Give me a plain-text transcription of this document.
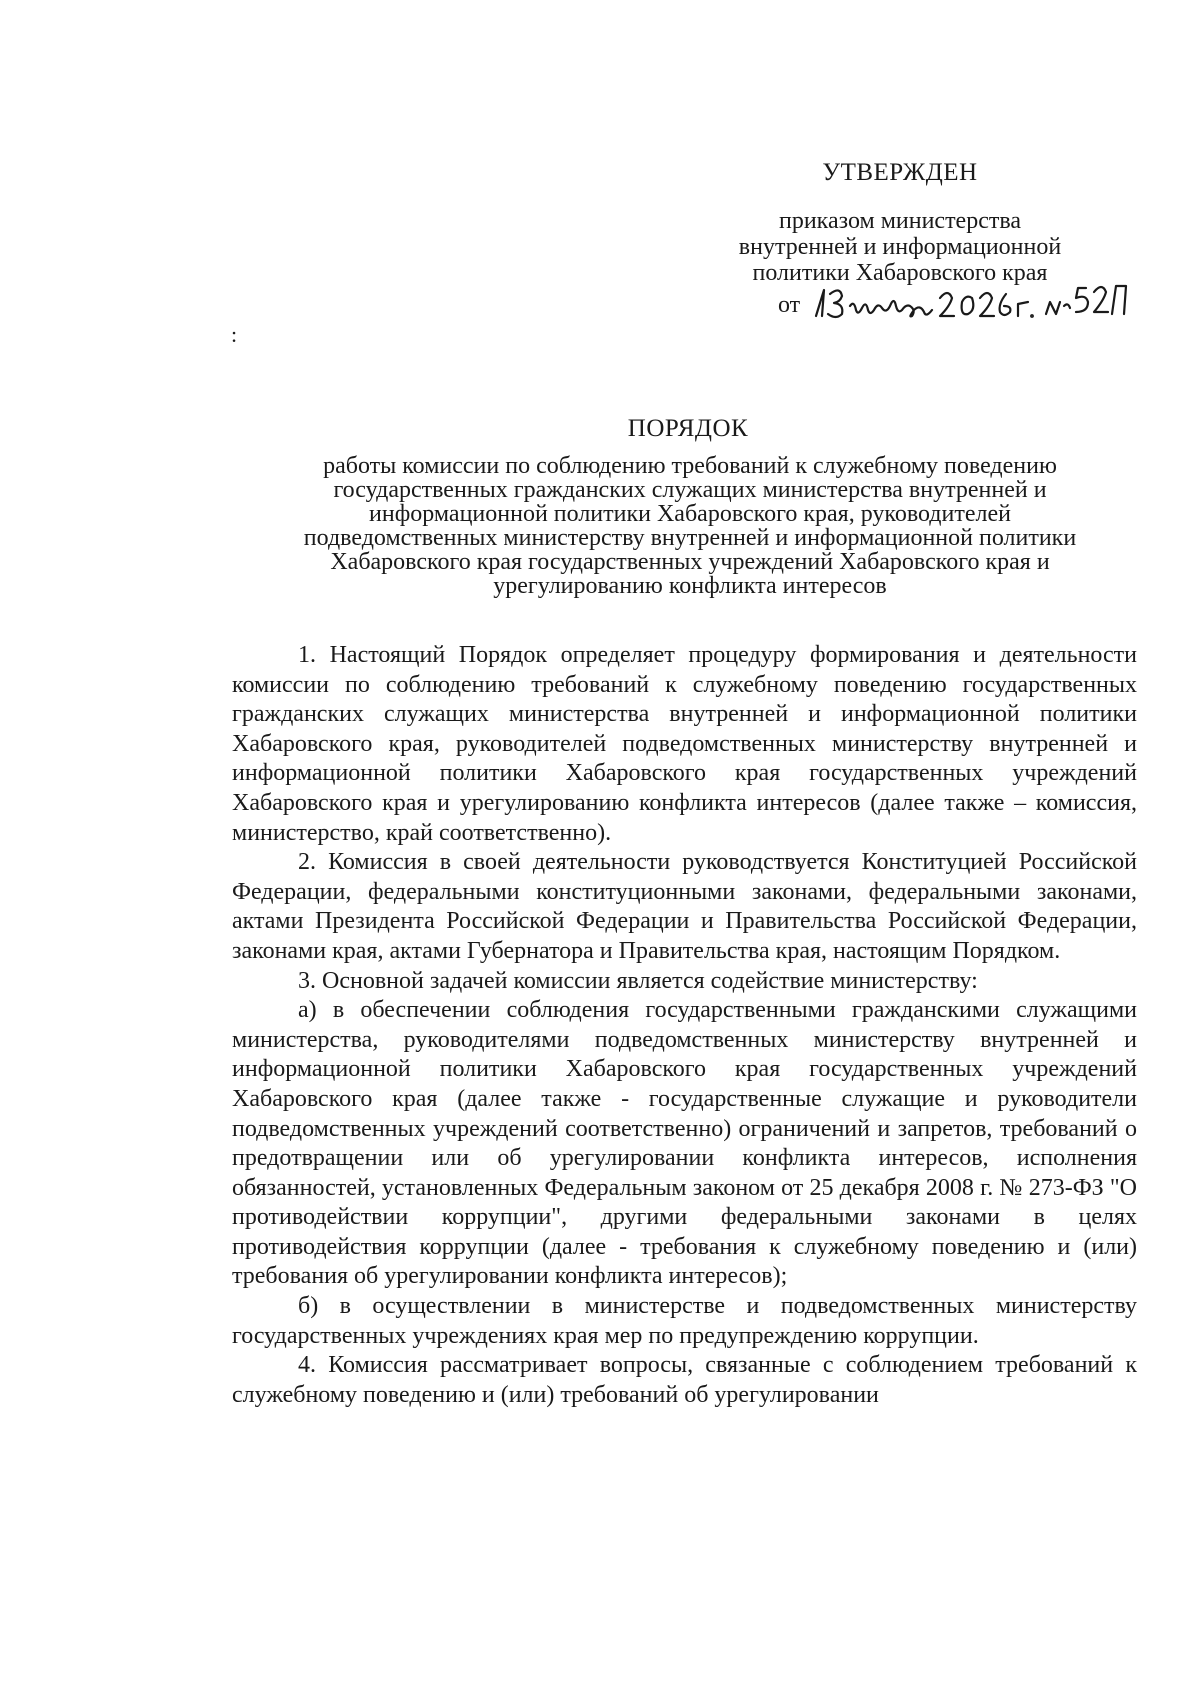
УТВЕРЖДЕН
приказом министерства
внутренней и информационной
политики Хабаровского края
от
:
ПОРЯДОК
работы комиссии по соблюдению требований к служебному поведению
государственных гражданских служащих министерства внутренней и
информационной политики Хабаровского края, руководителей
подведомственных министерству внутренней и информационной политики
Хабаровского края государственных учреждений Хабаровского края и
урегулированию конфликта интересов

1. Настоящий Порядок определяет процедуру формирования и деятельности комиссии по соблюдению требований к служебному поведению государственных гражданских служащих министерства внутренней и информационной политики Хабаровского края, руководителей подведомственных министерству внутренней и информационной политики Хабаровского края государственных учреждений Хабаровского края и урегулированию конфликта интересов (далее также – комиссия, министерство, край соответственно).

2. Комиссия в своей деятельности руководствуется Конституцией Российской Федерации, федеральными конституционными законами, федеральными законами, актами Президента Российской Федерации и Правительства Российской Федерации, законами края, актами Губернатора и Правительства края, настоящим Порядком.

3. Основной задачей комиссии является содействие министерству:

а) в обеспечении соблюдения государственными гражданскими служащими министерства, руководителями подведомственных министерству внутренней и информационной политики Хабаровского края государственных учреждений Хабаровского края (далее также - государственные служащие и руководители подведомственных учреждений соответственно) ограничений и запретов, требований о предотвращении или об урегулировании конфликта интересов, исполнения обязанностей, установленных Федеральным законом от 25 декабря 2008 г. № 273-ФЗ "О противодействии коррупции", другими федеральными законами в целях противодействия коррупции (далее - требования к служебному поведению и (или) требования об урегулировании конфликта интересов);

б) в осуществлении в министерстве и подведомственных министерству государственных учреждениях края мер по предупреждению коррупции.

4. Комиссия рассматривает вопросы, связанные с соблюдением требований к служебному поведению и (или) требований об урегулировании
